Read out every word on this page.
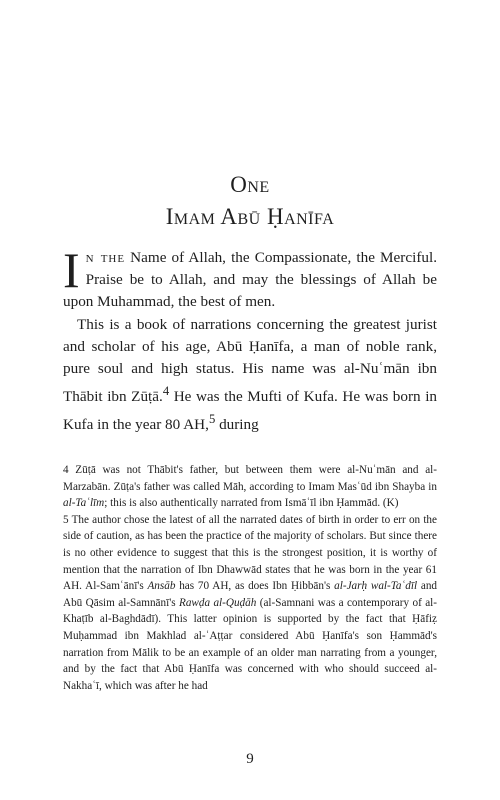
One
Imam Abū Ḥanīfa

In the Name of Allah, the Compassionate, the Merciful. Praise be to Allah, and may the blessings of Allah be upon Muhammad, the best of men.

This is a book of narrations concerning the greatest jurist and scholar of his age, Abū Ḥanīfa, a man of noble rank, pure soul and high status. His name was al-Nuʿmān ibn Thābit ibn Zūṭā.$^4$ He was the Mufti of Kufa. He was born in Kufa in the year 80 AH,$^5$ during

4 Zūṭā was not Thābit's father, but between them were al-Nuʿmān and al-Marzabān. Zūṭa's father was called Māh, according to Imam Masʿūd ibn Shayba in al-Taʿlīm; this is also authentically narrated from Ismāʿīl ibn Ḥammād. (K)

5 The author chose the latest of all the narrated dates of birth in order to err on the side of caution, as has been the practice of the majority of scholars. But since there is no other evidence to suggest that this is the strongest position, it is worthy of mention that the narration of Ibn Dhawwād states that he was born in the year 61 AH. Al-Samʿānī's Ansāb has 70 AH, as does Ibn Ḥibbān's al-Jarḥ wal-Taʿdīl and Abū Qāsim al-Samnānī's Rawḍa al-Quḍāh (al-Samnani was a contemporary of al-Khaṭīb al-Baghdādī). This latter opinion is supported by the fact that Ḥāfiẓ Muḥammad ibn Makhlad al-ʿAṭṭar considered Abū Ḥanīfa's son Ḥammād's narration from Mālik to be an example of an older man narrating from a younger, and by the fact that Abū Ḥanīfa was concerned with who should succeed al-Nakhaʿī, which was after he had

9
